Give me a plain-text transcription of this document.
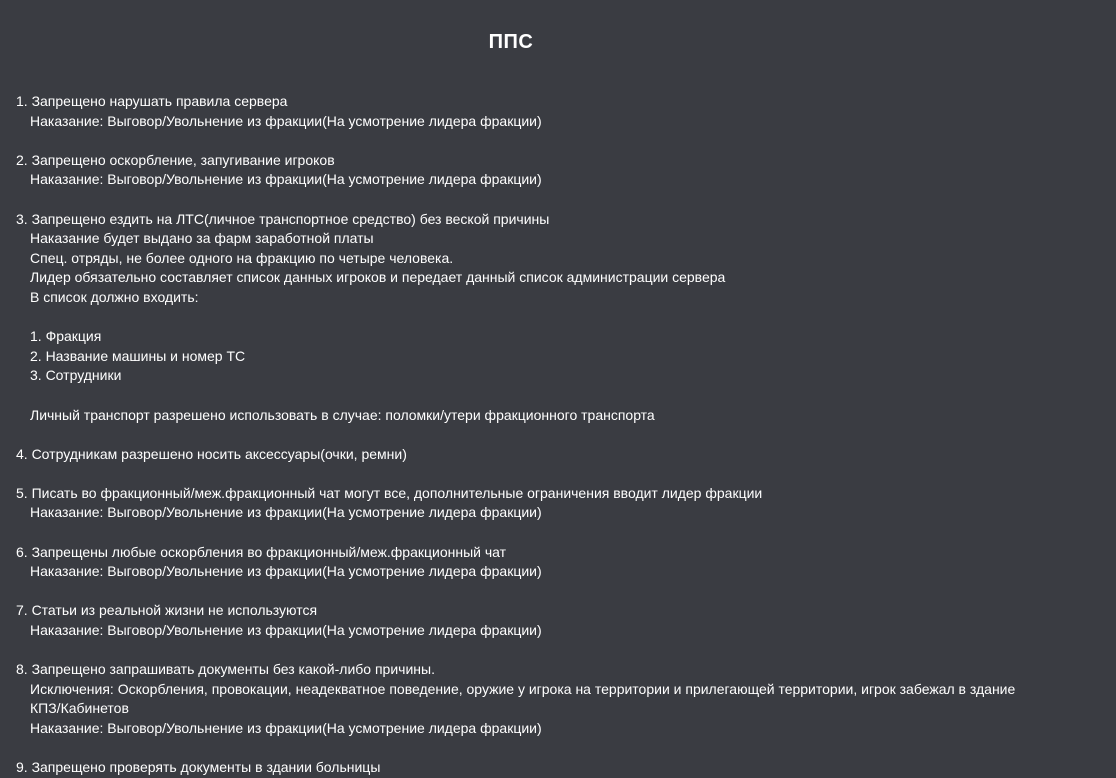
ППС
1. Запрещено нарушать правила сервера
Наказание: Выговор/Увольнение из фракции(На усмотрение лидера фракции)
2. Запрещено оскорбление, запугивание игроков
Наказание: Выговор/Увольнение из фракции(На усмотрение лидера фракции)
3. Запрещено ездить на ЛТС(личное транспортное средство) без веской причины
Наказание будет выдано за фарм заработной платы
Спец. отряды, не более одного на фракцию по четыре человека.
Лидер обязательно составляет список данных игроков и передает данный список администрации сервера
В список должно входить:
1. Фракция
2. Название машины и номер ТС
3. Сотрудники
Личный транспорт разрешено использовать в случае: поломки/утери фракционного транспорта
4. Сотрудникам разрешено носить аксессуары(очки, ремни)
5. Писать во фракционный/меж.фракционный чат могут все, дополнительные ограничения вводит лидер фракции
Наказание: Выговор/Увольнение из фракции(На усмотрение лидера фракции)
6. Запрещены любые оскорбления во фракционный/меж.фракционный чат
Наказание: Выговор/Увольнение из фракции(На усмотрение лидера фракции)
7. Статьи из реальной жизни не используются
Наказание: Выговор/Увольнение из фракции(На усмотрение лидера фракции)
8. Запрещено запрашивать документы без какой-либо причины.
Исключения: Оскорбления, провокации, неадекватное поведение, оружие у игрока на территории и прилегающей территории, игрок забежал в здание
КПЗ/Кабинетов
Наказание: Выговор/Увольнение из фракции(На усмотрение лидера фракции)
9. Запрещено проверять документы в здании больницы
